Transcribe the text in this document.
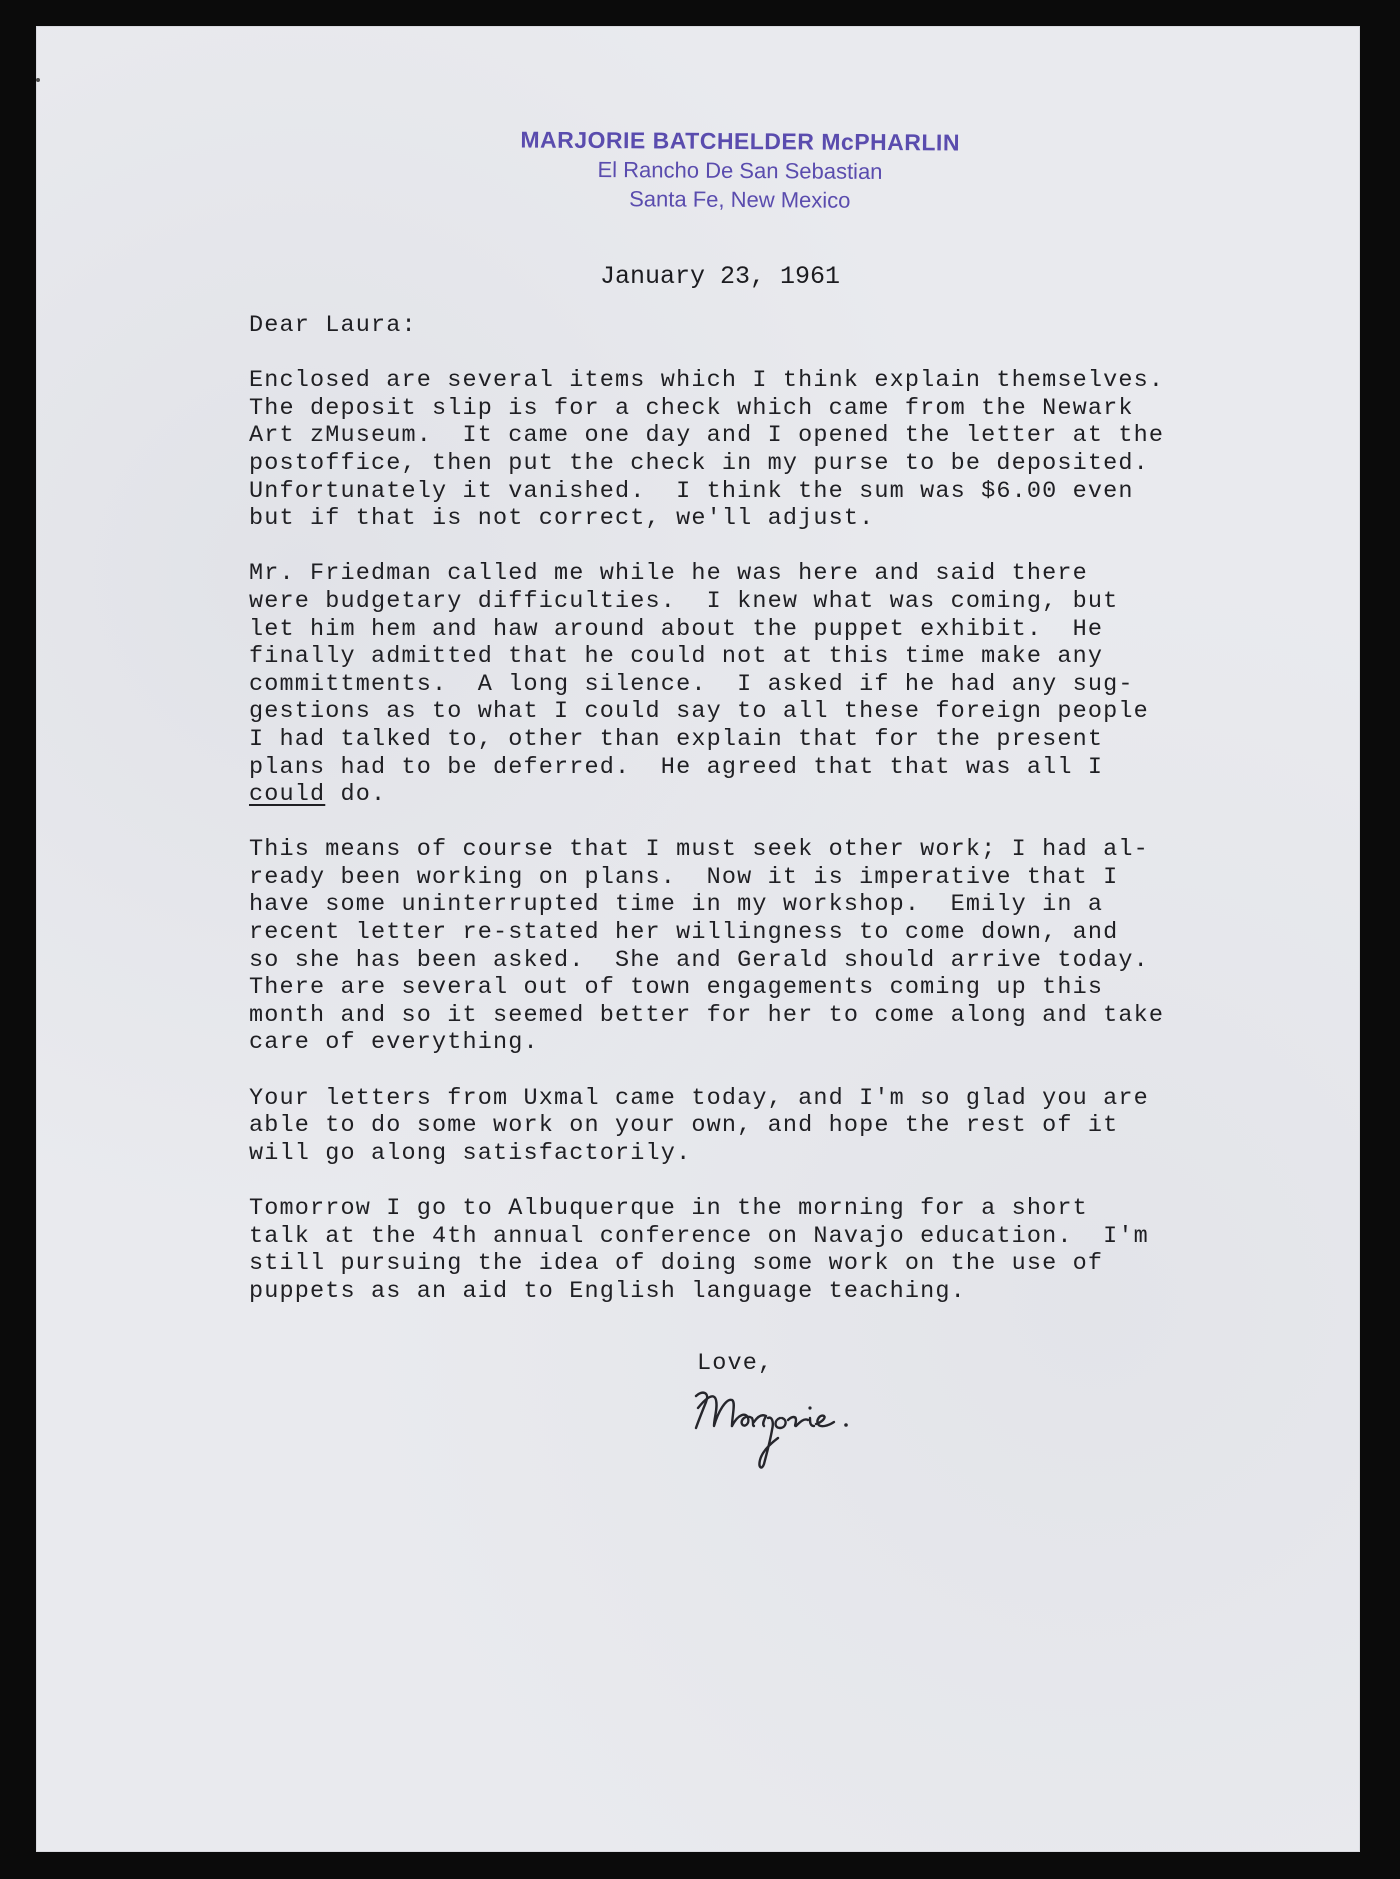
MARJORIE BATCHELDER McPHARLIN
El Rancho De San Sebastian
Santa Fe, New Mexico
January 23, 1961
Dear Laura:

Enclosed are several items which I think explain themselves.
The deposit slip is for a check which came from the Newark
Art zMuseum.  It came one day and I opened the letter at the
postoffice, then put the check in my purse to be deposited.
Unfortunately it vanished.  I think the sum was $6.00 even
but if that is not correct, we'll adjust.

Mr. Friedman called me while he was here and said there
were budgetary difficulties.  I knew what was coming, but
let him hem and haw around about the puppet exhibit.  He
finally admitted that he could not at this time make any
committments.  A long silence.  I asked if he had any sug-
gestions as to what I could say to all these foreign people
I had talked to, other than explain that for the present
plans had to be deferred.  He agreed that that was all I
could do.

This means of course that I must seek other work; I had al-
ready been working on plans.  Now it is imperative that I
have some uninterrupted time in my workshop.  Emily in a
recent letter re-stated her willingness to come down, and
so she has been asked.  She and Gerald should arrive today.
There are several out of town engagements coming up this
month and so it seemed better for her to come along and take
care of everything.

Your letters from Uxmal came today, and I'm so glad you are
able to do some work on your own, and hope the rest of it
will go along satisfactorily.

Tomorrow I go to Albuquerque in the morning for a short
talk at the 4th annual conference on Navajo education.  I'm
still pursuing the idea of doing some work on the use of
puppets as an aid to English language teaching.

Love,
